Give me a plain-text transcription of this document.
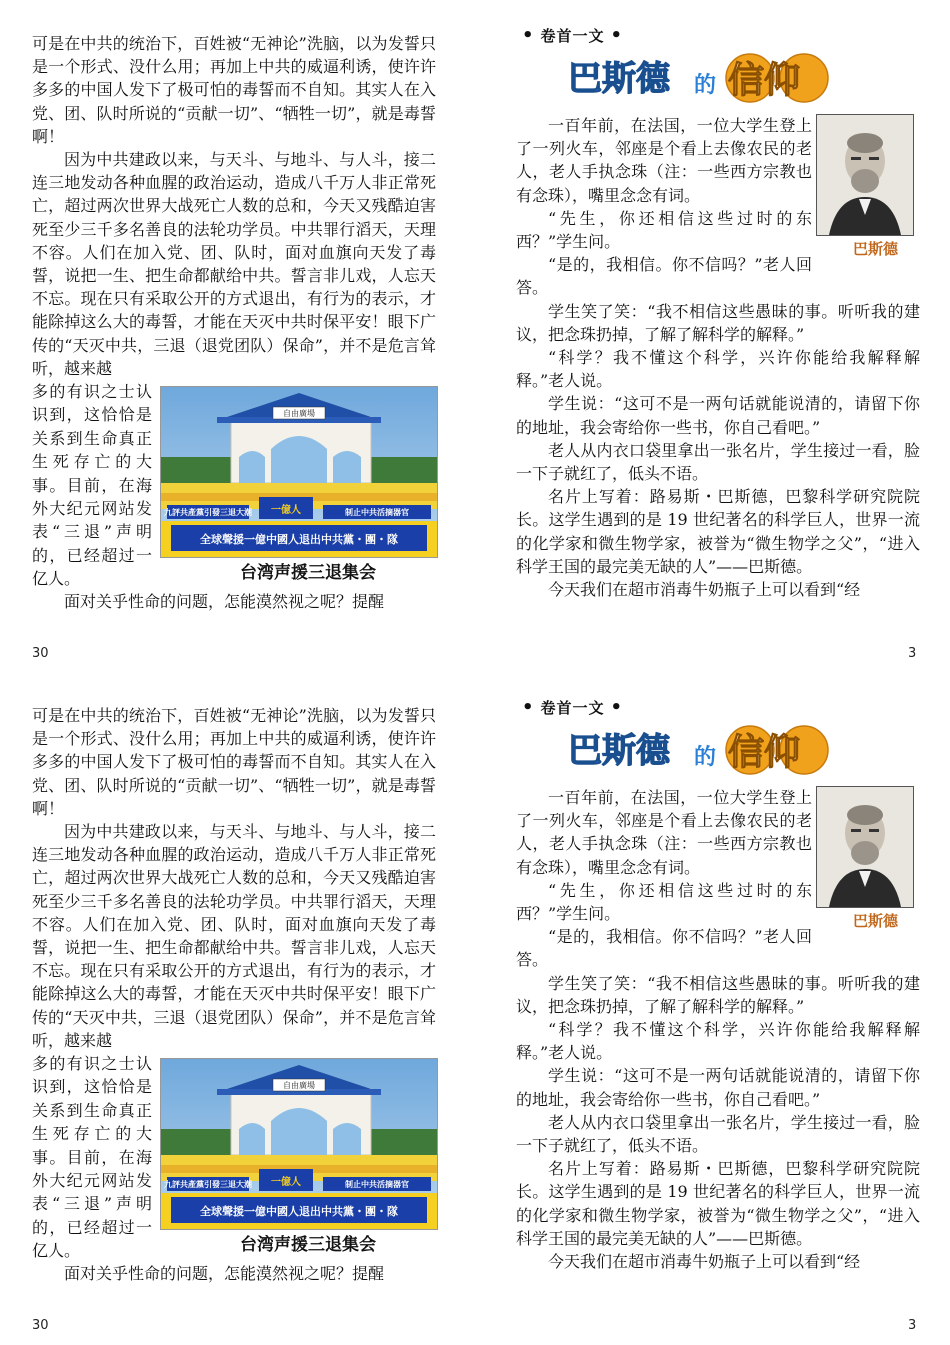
可是在中共的统治下，百姓被“无神论”洗脑，以为发誓只是一个形式、没什么用；再加上中共的威逼利诱，使许许多多的中国人发下了极可怕的毒誓而不自知。其实人在入党、团、队时所说的“贡献一切”、“牺牲一切”，就是毒誓啊！

因为中共建政以来，与天斗、与地斗、与人斗，接二连三地发动各种血腥的政治运动，造成八千万人非正常死亡，超过两次世界大战死亡人数的总和，今天又残酷迫害死至少三千多名善良的法轮功学员。中共罪行滔天，天理不容。人们在加入党、团、队时，面对血旗向天发了毒誓，说把一生、把生命都献给中共。誓言非儿戏，人忘天不忘。现在只有采取公开的方式退出，有行为的表示，才能除掉这么大的毒誓，才能在天灭中共时保平安！眼下广传的“天灭中共，三退（退党团队）保命”，并不是危言耸听，越来越

多的有识之士认识到，这恰恰是关系到生命真正生死存亡的大事。目前，在海外大纪元网站发表“三退”声明的，已经超过一亿人。

自由廣場
九評共產黨引發三退大潮 一億人	制止中共活摘器官
全球聲援一億中國人退出中共黨・團・隊
台湾声援三退集会

面对关乎性命的问题，怎能漠然视之呢？提醒

• 卷首一文 •
巴斯德 的 信仰
巴斯德

一百年前，在法国，一位大学生登上了一列火车，邻座是个看上去像农民的老人，老人手执念珠（注：一些西方宗教也有念珠），嘴里念念有词。

“先生，你还相信这些过时的东西？”学生问。

“是的，我相信。你不信吗？”老人回答。

学生笑了笑：“我不相信这些愚昧的事。听听我的建议，把念珠扔掉，了解了解科学的解释。”

“科学？我不懂这个科学，兴许你能给我解释解释。”老人说。

学生说：“这可不是一两句话就能说清的，请留下你的地址，我会寄给你一些书，你自己看吧。”

老人从内衣口袋里拿出一张名片，学生接过一看，脸一下子就红了，低头不语。

名片上写着：路易斯・巴斯德，巴黎科学研究院院长。这学生遇到的是 19 世纪著名的科学巨人，世界一流的化学家和微生物学家，被誉为“微生物学之父”，“进入科学王国的最完美无缺的人”——巴斯德。

今天我们在超市消毒牛奶瓶子上可以看到“经

30	3

可是在中共的统治下，百姓被“无神论”洗脑，以为发誓只是一个形式、没什么用；再加上中共的威逼利诱，使许许多多的中国人发下了极可怕的毒誓而不自知。其实人在入党、团、队时所说的“贡献一切”、“牺牲一切”，就是毒誓啊！

因为中共建政以来，与天斗、与地斗、与人斗，接二连三地发动各种血腥的政治运动，造成八千万人非正常死亡，超过两次世界大战死亡人数的总和，今天又残酷迫害死至少三千多名善良的法轮功学员。中共罪行滔天，天理不容。人们在加入党、团、队时，面对血旗向天发了毒誓，说把一生、把生命都献给中共。誓言非儿戏，人忘天不忘。现在只有采取公开的方式退出，有行为的表示，才能除掉这么大的毒誓，才能在天灭中共时保平安！眼下广传的“天灭中共，三退（退党团队）保命”，并不是危言耸听，越来越

多的有识之士认识到，这恰恰是关系到生命真正生死存亡的大事。目前，在海外大纪元网站发表“三退”声明的，已经超过一亿人。

自由廣場
九評共產黨引發三退大潮 一億人	制止中共活摘器官
全球聲援一億中國人退出中共黨・團・隊
台湾声援三退集会

面对关乎性命的问题，怎能漠然视之呢？提醒

• 卷首一文 •
巴斯德 的 信仰
巴斯德

一百年前，在法国，一位大学生登上了一列火车，邻座是个看上去像农民的老人，老人手执念珠（注：一些西方宗教也有念珠），嘴里念念有词。

“先生，你还相信这些过时的东西？”学生问。

“是的，我相信。你不信吗？”老人回答。

学生笑了笑：“我不相信这些愚昧的事。听听我的建议，把念珠扔掉，了解了解科学的解释。”

“科学？我不懂这个科学，兴许你能给我解释解释。”老人说。

学生说：“这可不是一两句话就能说清的，请留下你的地址，我会寄给你一些书，你自己看吧。”

老人从内衣口袋里拿出一张名片，学生接过一看，脸一下子就红了，低头不语。

名片上写着：路易斯・巴斯德，巴黎科学研究院院长。这学生遇到的是 19 世纪著名的科学巨人，世界一流的化学家和微生物学家，被誉为“微生物学之父”，“进入科学王国的最完美无缺的人”——巴斯德。

今天我们在超市消毒牛奶瓶子上可以看到“经

30	3
